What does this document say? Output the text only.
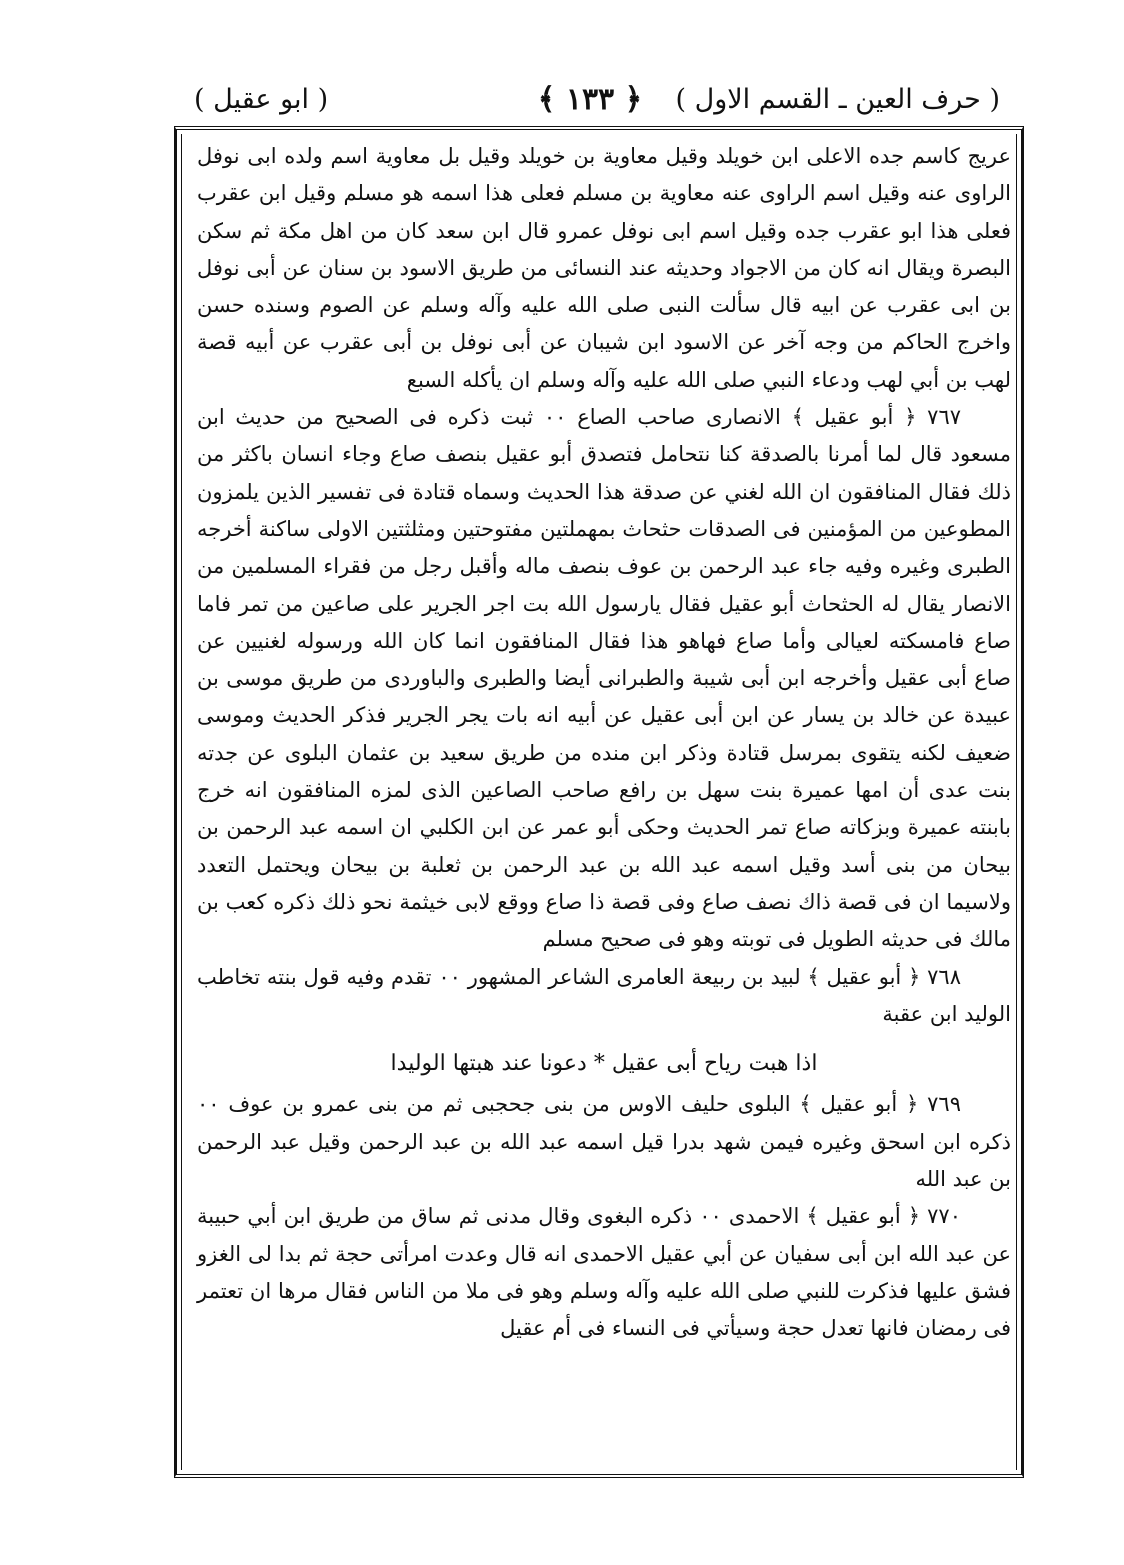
( حرف العين ـ القسم الاول )
﴿ ١٣٣ ﴾
( ابو عقيل )

عريج كاسم جده الاعلى ابن خويلد وقيل معاوية بن خويلد وقيل بل معاوية اسم ولده ابى نوفل الراوى عنه وقيل اسم الراوى عنه معاوية بن مسلم فعلى هذا اسمه هو مسلم وقيل ابن عقرب فعلى هذا ابو عقرب جده وقيل اسم ابى نوفل عمرو قال ابن سعد كان من اهل مكة ثم سكن البصرة ويقال انه كان من الاجواد وحديثه عند النسائى من طريق الاسود بن سنان عن أبى نوفل بن ابى عقرب عن ابيه قال سألت النبى صلى الله عليه وآله وسلم عن الصوم وسنده حسن واخرج الحاكم من وجه آخر عن الاسود ابن شيبان عن أبى نوفل بن أبى عقرب عن أبيه قصة لهب بن أبي لهب ودعاء النبي صلى الله عليه وآله وسلم ان يأكله السبع

٧٦٧ ﴿ أبو عقيل ﴾ الانصارى صاحب الصاع ٠٠ ثبت ذكره فى الصحيح من حديث ابن مسعود قال لما أمرنا بالصدقة كنا نتحامل فتصدق أبو عقيل بنصف صاع وجاء انسان باكثر من ذلك فقال المنافقون ان الله لغني عن صدقة هذا الحديث وسماه قتادة فى تفسير الذين يلمزون المطوعين من المؤمنين فى الصدقات حثحاث بمهملتين مفتوحتين ومثلثتين الاولى ساكنة أخرجه الطبرى وغيره وفيه جاء عبد الرحمن بن عوف بنصف ماله وأقبل رجل من فقراء المسلمين من الانصار يقال له الحثحاث أبو عقيل فقال يارسول الله بت اجر الجرير على صاعين من تمر فاما صاع فامسكته لعيالى وأما صاع فهاهو هذا فقال المنافقون انما كان الله ورسوله لغنيين عن صاع أبى عقيل وأخرجه ابن أبى شيبة والطبرانى أيضا والطبرى والباوردى من طريق موسى بن عبيدة عن خالد بن يسار عن ابن أبى عقيل عن أبيه انه بات يجر الجرير فذكر الحديث وموسى ضعيف لكنه يتقوى بمرسل قتادة وذكر ابن منده من طريق سعيد بن عثمان البلوى عن جدته بنت عدى أن امها عميرة بنت سهل بن رافع صاحب الصاعين الذى لمزه المنافقون انه خرج بابنته عميرة وبزكاته صاع تمر الحديث وحكى أبو عمر عن ابن الكلبي ان اسمه عبد الرحمن بن بيحان من بنى أسد وقيل اسمه عبد الله بن عبد الرحمن بن ثعلبة بن بيحان ويحتمل التعدد ولاسيما ان فى قصة ذاك نصف صاع وفى قصة ذا صاع ووقع لابى خيثمة نحو ذلك ذكره كعب بن مالك فى حديثه الطويل فى توبته وهو فى صحيح مسلم

٧٦٨ ﴿ أبو عقيل ﴾ لبيد بن ربيعة العامرى الشاعر المشهور ٠٠ تقدم وفيه قول بنته تخاطب الوليد ابن عقبة

اذا هبت رياح أبى عقيل * دعونا عند هبتها الوليدا

٧٦٩ ﴿ أبو عقيل ﴾ البلوى حليف الاوس من بنى جحجبى ثم من بنى عمرو بن عوف ٠٠ ذكره ابن اسحق وغيره فيمن شهد بدرا قيل اسمه عبد الله بن عبد الرحمن وقيل عبد الرحمن بن عبد الله

٧٧٠ ﴿ أبو عقيل ﴾ الاحمدى ٠٠ ذكره البغوى وقال مدنى ثم ساق من طريق ابن أبي حبيبة عن عبد الله ابن أبى سفيان عن أبي عقيل الاحمدى انه قال وعدت امرأتى حجة ثم بدا لى الغزو فشق عليها فذكرت للنبي صلى الله عليه وآله وسلم وهو فى ملا من الناس فقال مرها ان تعتمر فى رمضان فانها تعدل حجة وسيأتي فى النساء فى أم عقيل
